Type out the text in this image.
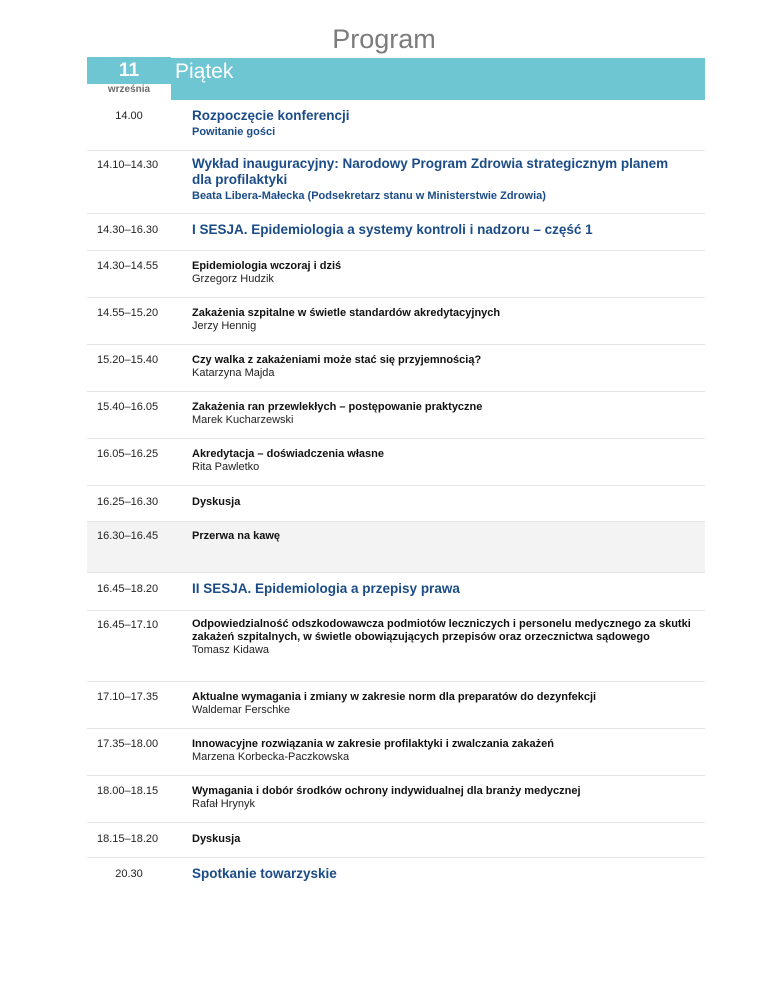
Program
11
września
Piątek
14.00	Rozpoczęcie konferencji
Powitanie gości
14.10–14.30	Wykład inauguracyjny: Narodowy Program Zdrowia strategicznym planem dla profilaktyki
Beata Libera-Małecka (Podsekretarz stanu w Ministerstwie Zdrowia)
14.30–16.30	I SESJA. Epidemiologia a systemy kontroli i nadzoru – część 1
14.30–14.55	Epidemiologia wczoraj i dziś
Grzegorz Hudzik
14.55–15.20	Zakażenia szpitalne w świetle standardów akredytacyjnych
Jerzy Hennig
15.20–15.40	Czy walka z zakażeniami może stać się przyjemnością?
Katarzyna Majda
15.40–16.05	Zakażenia ran przewlekłych – postępowanie praktyczne
Marek Kucharzewski
16.05–16.25	Akredytacja – doświadczenia własne
Rita Pawletko
16.25–16.30	Dyskusja
16.30–16.45	Przerwa na kawę
16.45–18.20	II SESJA. Epidemiologia a przepisy prawa
16.45–17.10	Odpowiedzialność odszkodowawcza podmiotów leczniczych i personelu medycznego za skutki zakażeń szpitalnych, w świetle obowiązujących przepisów oraz orzecznictwa sądowego
Tomasz Kidawa
17.10–17.35	Aktualne wymagania i zmiany w zakresie norm dla preparatów do dezynfekcji
Waldemar Ferschke
17.35–18.00	Innowacyjne rozwiązania w zakresie profilaktyki i zwalczania zakażeń
Marzena Korbecka-Paczkowska
18.00–18.15	Wymagania i dobór środków ochrony indywidualnej dla branży medycznej
Rafał Hrynyk
18.15–18.20	Dyskusja
20.30	Spotkanie towarzyskie
